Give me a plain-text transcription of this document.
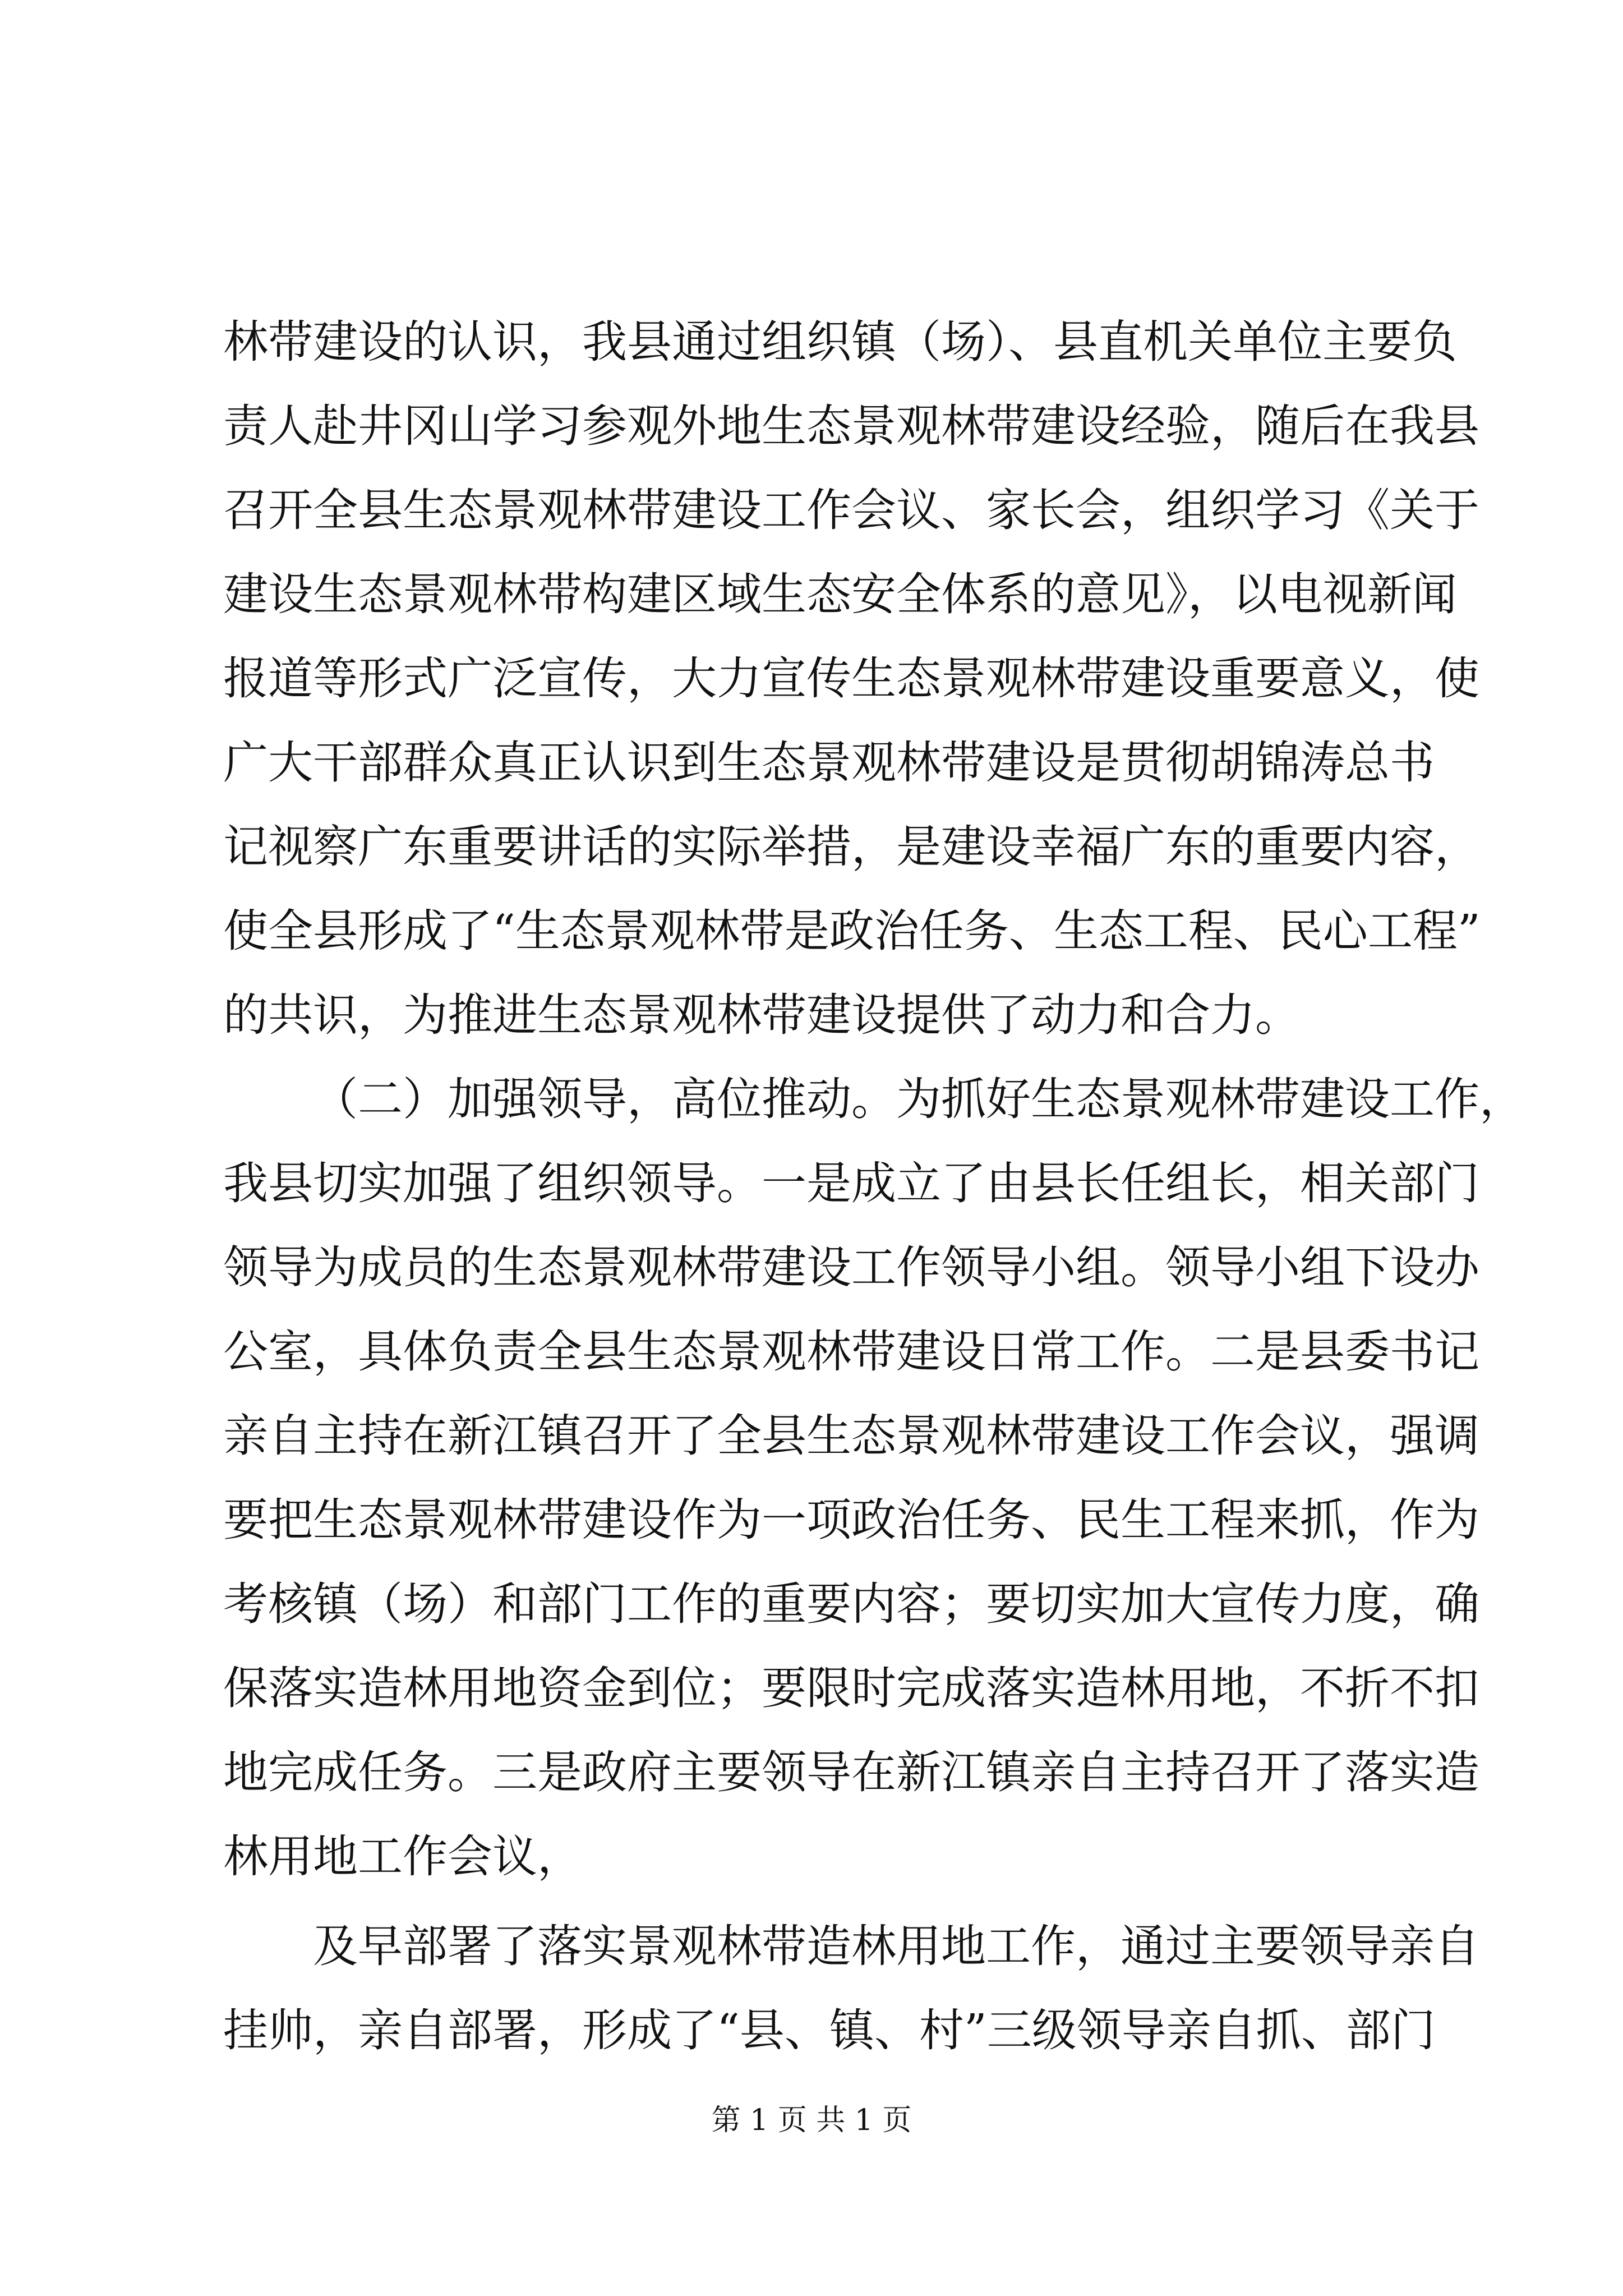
林带建设的认识，我县通过组织镇（场）、县直机关单位主要负
责人赴井冈山学习参观外地生态景观林带建设经验，随后在我县
召开全县生态景观林带建设工作会议、家长会，组织学习《关于
建设生态景观林带构建区域生态安全体系的意见》，以电视新闻
报道等形式广泛宣传，大力宣传生态景观林带建设重要意义，使
广大干部群众真正认识到生态景观林带建设是贯彻胡锦涛总书
记视察广东重要讲话的实际举措，是建设幸福广东的重要内容，
使全县形成了“生态景观林带是政治任务、生态工程、民心工程”
的共识，为推进生态景观林带建设提供了动力和合力。
（二）加强领导，高位推动。为抓好生态景观林带建设工作，
我县切实加强了组织领导。一是成立了由县长任组长，相关部门
领导为成员的生态景观林带建设工作领导小组。领导小组下设办
公室，具体负责全县生态景观林带建设日常工作。二是县委书记
亲自主持在新江镇召开了全县生态景观林带建设工作会议，强调
要把生态景观林带建设作为一项政治任务、民生工程来抓，作为
考核镇（场）和部门工作的重要内容；要切实加大宣传力度，确
保落实造林用地资金到位；要限时完成落实造林用地，不折不扣
地完成任务。三是政府主要领导在新江镇亲自主持召开了落实造
林用地工作会议，
及早部署了落实景观林带造林用地工作，通过主要领导亲自
挂帅，亲自部署，形成了“县、镇、村”三级领导亲自抓、部门
第 1 页 共 1 页
